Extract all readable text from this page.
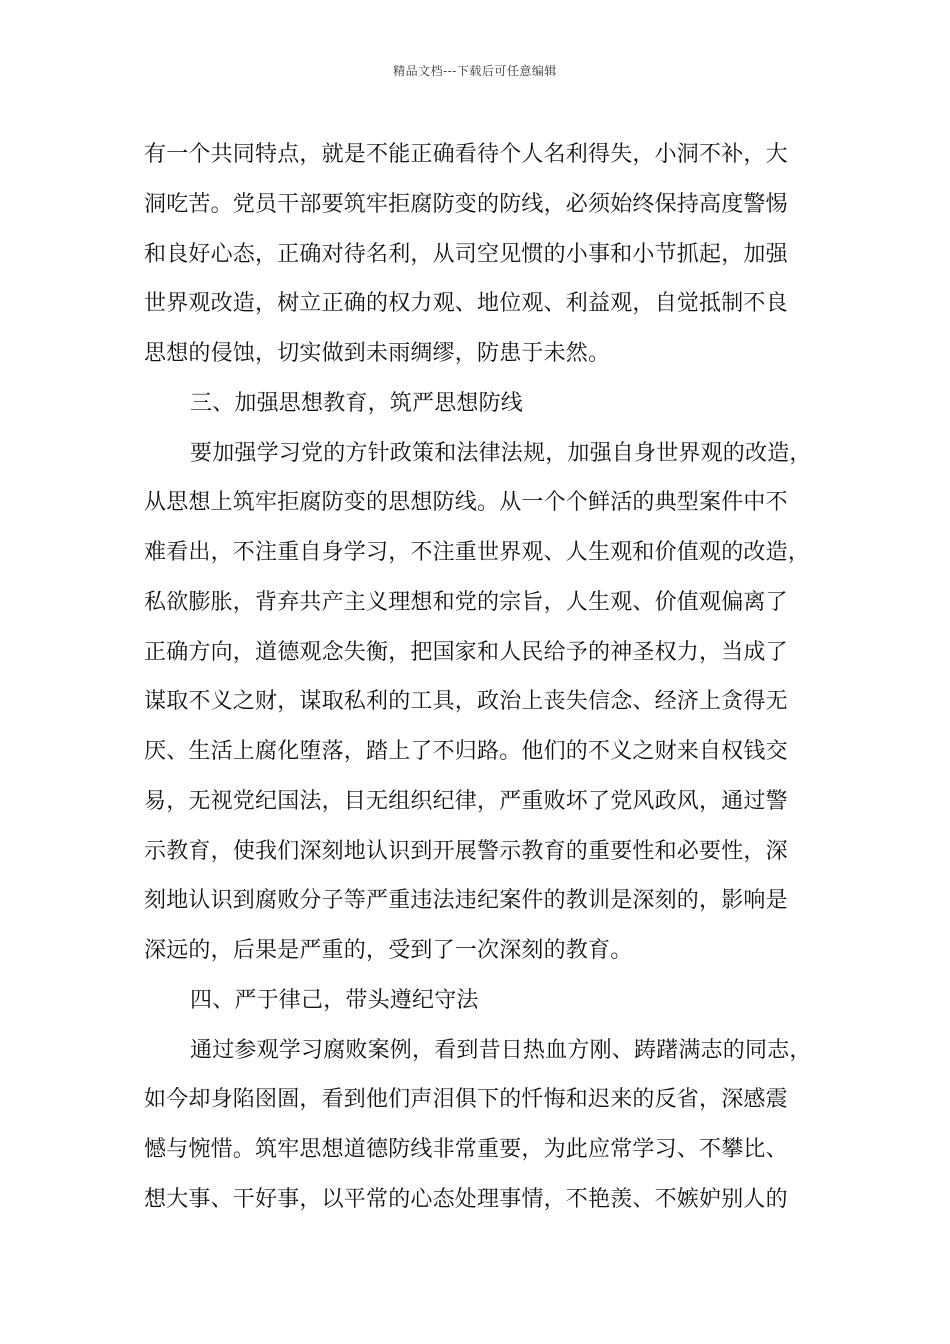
精品文档---下载后可任意编辑
有一个共同特点，就是不能正确看待个人名利得失，小洞不补，大
洞吃苦。党员干部要筑牢拒腐防变的防线，必须始终保持高度警惕
和良好心态，正确对待名利，从司空见惯的小事和小节抓起，加强
世界观改造，树立正确的权力观、地位观、利益观，自觉抵制不良
思想的侵蚀，切实做到未雨绸缪，防患于未然。
三、加强思想教育，筑严思想防线
要加强学习党的方针政策和法律法规，加强自身世界观的改造，
从思想上筑牢拒腐防变的思想防线。从一个个鲜活的典型案件中不
难看出，不注重自身学习，不注重世界观、人生观和价值观的改造，
私欲膨胀，背弃共产主义理想和党的宗旨，人生观、价值观偏离了
正确方向，道德观念失衡，把国家和人民给予的神圣权力，当成了
谋取不义之财，谋取私利的工具，政治上丧失信念、经济上贪得无
厌、生活上腐化堕落，踏上了不归路。他们的不义之财来自权钱交
易，无视党纪国法，目无组织纪律，严重败坏了党风政风，通过警
示教育，使我们深刻地认识到开展警示教育的重要性和必要性，深
刻地认识到腐败分子等严重违法违纪案件的教训是深刻的，影响是
深远的，后果是严重的，受到了一次深刻的教育。
四、严于律己，带头遵纪守法
通过参观学习腐败案例，看到昔日热血方刚、踌躇满志的同志，
如今却身陷囹圄，看到他们声泪俱下的忏悔和迟来的反省，深感震
憾与惋惜。筑牢思想道德防线非常重要，为此应常学习、不攀比、
想大事、干好事，以平常的心态处理事情，不艳羡、不嫉妒别人的
